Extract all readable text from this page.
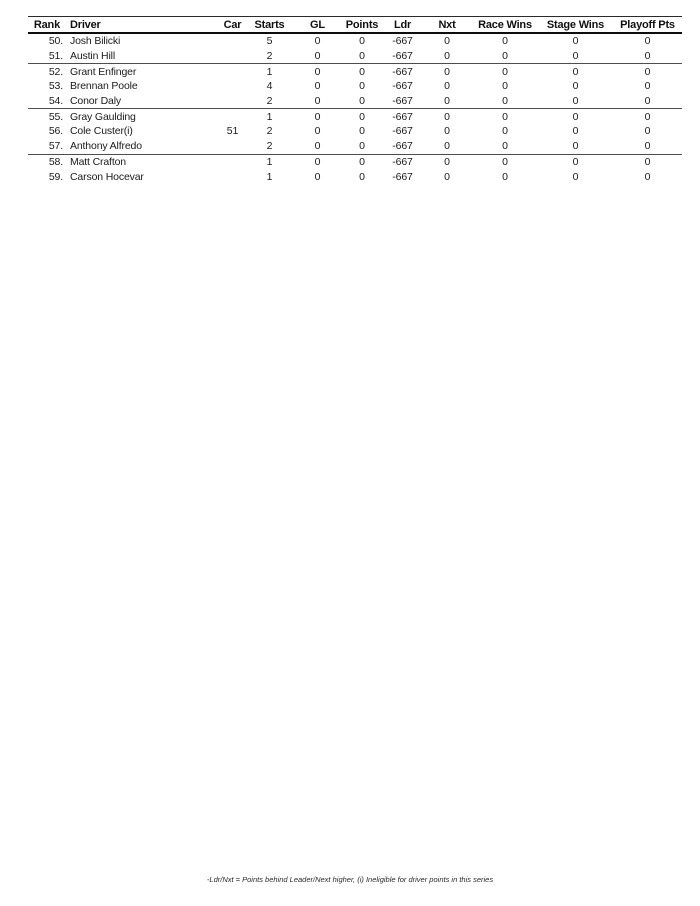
Rank	Driver	Car	Starts	GL	Points	Ldr	Nxt	Race Wins	Stage Wins	Playoff Pts
50.	Josh Bilicki		5	0	0	-667	0	0	0	0
51.	Austin Hill		2	0	0	-667	0	0	0	0
52.	Grant Enfinger		1	0	0	-667	0	0	0	0
53.	Brennan Poole		4	0	0	-667	0	0	0	0
54.	Conor Daly		2	0	0	-667	0	0	0	0
55.	Gray Gaulding		1	0	0	-667	0	0	0	0
56.	Cole Custer(i)	51	2	0	0	-667	0	0	0	0
57.	Anthony Alfredo		2	0	0	-667	0	0	0	0
58.	Matt Crafton		1	0	0	-667	0	0	0	0
59.	Carson Hocevar		1	0	0	-667	0	0	0	0
-Ldr/Nxt = Points behind Leader/Next higher, (i) Ineligible for driver points in this series
